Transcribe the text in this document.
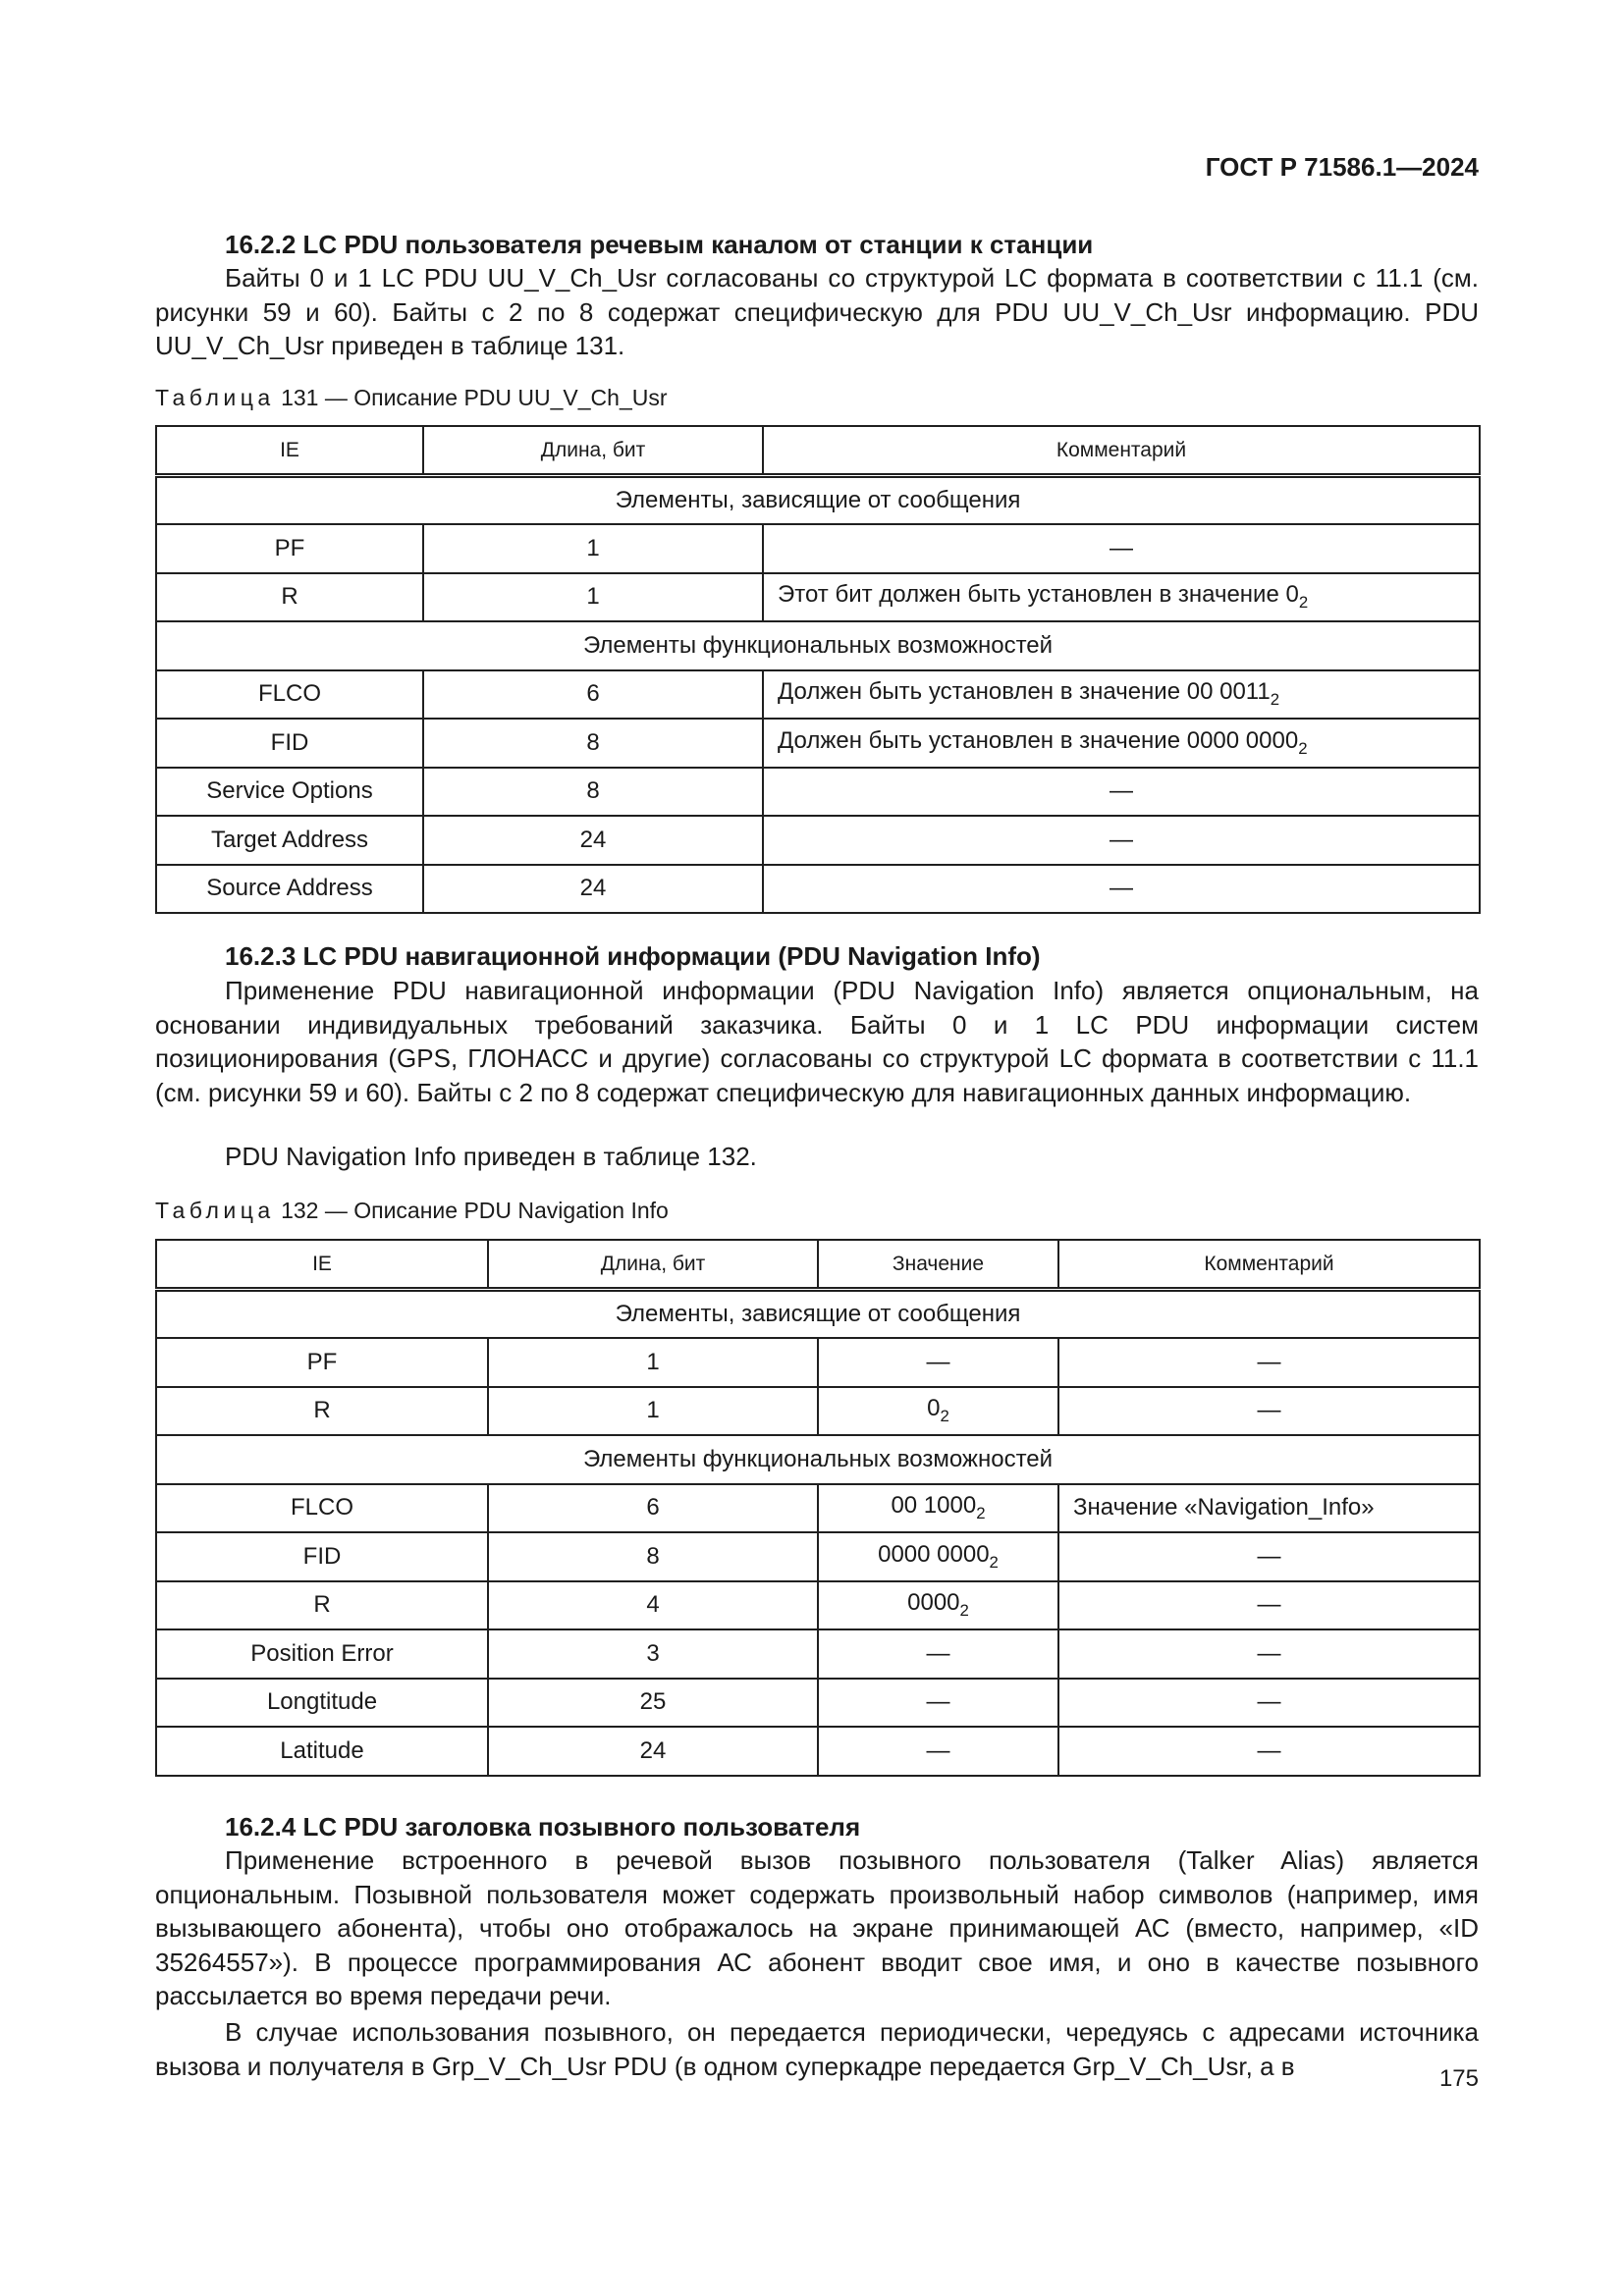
ГОСТ Р 71586.1—2024
16.2.2 LC PDU пользователя речевым каналом от станции к станции
Байты 0 и 1 LC PDU UU_V_Ch_Usr согласованы со структурой LC формата в соответствии с 11.1 (см. рисунки 59 и 60). Байты с 2 по 8 содержат специфическую для PDU UU_V_Ch_Usr информацию. PDU UU_V_Ch_Usr приведен в таблице 131.
Таблица 131 — Описание PDU UU_V_Ch_Usr
IE	Длина, бит	Комментарий
Элементы, зависящие от сообщения		
PF	1	—
R	1	Этот бит должен быть установлен в значение $0_2$
Элементы функциональных возможностей		
FLCO	6	Должен быть установлен в значение 00 $0011_2$
FID	8	Должен быть установлен в значение 0000 $0000_2$
Service Options	8	—
Target Address	24	—
Source Address	24	—
16.2.3 LC PDU навигационной информации (PDU Navigation Info)
Применение PDU навигационной информации (PDU Navigation Info) является опциональным, на основании индивидуальных требований заказчика. Байты 0 и 1 LC PDU информации систем позиционирования (GPS, ГЛОНАСС и другие) согласованы со структурой LC формата в соответствии с 11.1 (см. рисунки 59 и 60). Байты с 2 по 8 содержат специфическую для навигационных данных информацию.
PDU Navigation Info приведен в таблице 132.
Таблица 132 — Описание PDU Navigation Info
IE	Длина, бит	Значение	Комментарий
Элементы, зависящие от сообщения			
PF	1	—	—
R	1	$0_2$	—
Элементы функциональных возможностей			
FLCO	6	00 $1000_2$	Значение «Navigation_Info»
FID	8	0000 $0000_2$	—
R	4	$0000_2$	—
Position Error	3	—	—
Longtitude	25	—	—
Latitude	24	—	—
16.2.4 LC PDU заголовка позывного пользователя
Применение встроенного в речевой вызов позывного пользователя (Talker Alias) является опциональным. Позывной пользователя может содержать произвольный набор символов (например, имя вызывающего абонента), чтобы оно отображалось на экране принимающей АС (вместо, например, «ID 35264557»). В процессе программирования АС абонент вводит свое имя, и оно в качестве позывного рассылается во время передачи речи.
В случае использования позывного, он передается периодически, чередуясь с адресами источника вызова и получателя в Grp_V_Ch_Usr PDU (в одном суперкадре передается Grp_V_Ch_Usr, а в	175
